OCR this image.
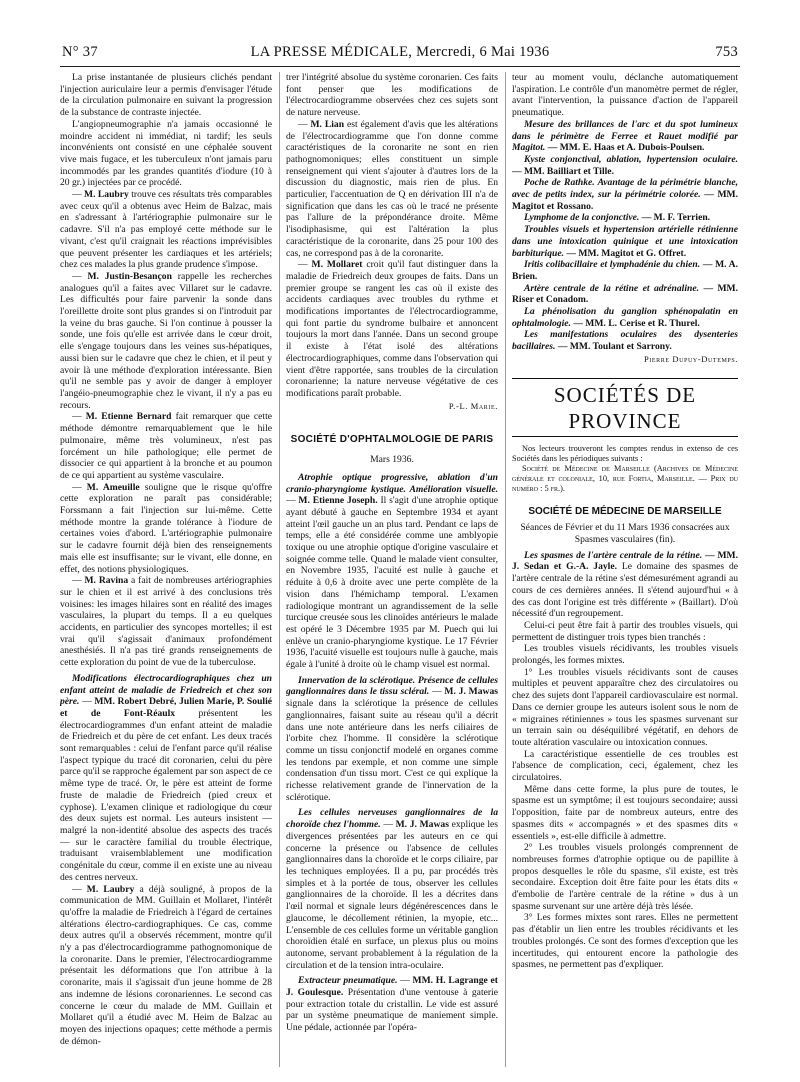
N° 37	LA PRESSE MÉDICALE, Mercredi, 6 Mai 1936	753

La prise instantanée de plusieurs clichés pendant l'injection auriculaire leur a permis d'envisager l'étude de la circulation pulmonaire en suivant la progression de la substance de contraste injectée.

L'angiopneumographie n'a jamais occasionné le moindre accident ni immédiat, ni tardif; les seuls inconvénients ont consisté en une céphalée souvent vive mais fugace, et les tubercuIeux n'ont jamais paru incommodés par les grandes quantités d'iodure (10 à 20 gr.) injectées par ce procédé.

— M. Laubry trouve ces résultats très comparables avec ceux qu'il a obtenus avec Heim de Balzac, mais en s'adressant à l'artériographie pulmonaire sur le cadavre. S'il n'a pas employé cette méthode sur le vivant, c'est qu'il craignait les réactions imprévisibles que peuvent présenter les cardiaques et les artériels; chez ces malades la plus grande prudence s'impose.

— M. Justin-Besançon rappelle les recherches analogues qu'il a faites avec Villaret sur le cadavre. Les difficultés pour faire parvenir la sonde dans l'oreillette droite sont plus grandes si on l'introduit par la veine du bras gauche. Si l'on continue à pousser la sonde, une fois qu'elle est arrivée dans le cœur droit, elle s'engage toujours dans les veines sus-hépatiques, aussi bien sur le cadavre que chez le chien, et il peut y avoir là une méthode d'exploration intéressante. Bien qu'il ne semble pas y avoir de danger à employer l'angéio-pneumographie chez le vivant, il n'y a pas eu recours.

— M. Etienne Bernard fait remarquer que cette méthode démontre remarquablement que le hile pulmonaire, même très volumineux, n'est pas forcément un hile pathologique; elle permet de dissocier ce qui appartient à la bronche et au poumon de ce qui appartient au système vasculaire.

— M. Ameuille souligne que le risque qu'offre cette exploration ne paraît pas considérable; Forssmann a fait l'injection sur lui-même. Cette méthode montre la grande tolérance à l'iodure de certaines voies d'abord. L'artériographie pulmonaire sur le cadavre fournit déjà bien des renseignements mais elle est insuffisante; sur le vivant, elle donne, en effet, des notions physiologiques.

— M. Ravina a fait de nombreuses artériographies sur le chien et il est arrivé à des conclusions très voisines: les images hilaires sont en réalité des images vasculaires, la plupart du temps. Il a eu quelques accidents, en particulier des syncopes mortelles; il est vrai qu'il s'agissait d'animaux profondément anesthésiés. Il n'a pas tiré grands renseignements de cette exploration du point de vue de la tuberculose.

Modifications électrocardiographiques chez un enfant atteint de maladie de Friedreich et chez son père. — MM. Robert Debré, Julien Marie, P. Soulié et de Font-Réaulx présentent les électrocardiogrammes d'un enfant atteint de maladie de Friedreich et du père de cet enfant. Les deux tracés sont remarquables : celui de l'enfant parce qu'il réalise l'aspect typique du tracé dit coronarien, celui du père parce qu'il se rapproche également par son aspect de ce même type de tracé. Or, le père est atteint de forme fruste de maladie de Friedreich (pied creux et cyphose). L'examen clinique et radiologique du cœur des deux sujets est normal. Les auteurs insistent — malgré la non-identité absolue des aspects des tracés — sur le caractère familial du trouble électrique, traduisant vraisemblablement une modification congénitale du cœur, comme il en existe une au niveau des centres nerveux.

— M. Laubry a déjà souligné, à propos de la communication de MM. Guillain et Mollaret, l'intérêt qu'offre la maladie de Friedreich à l'égard de certaines altérations électro-cardiographiques. Ce cas, comme deux autres qu'il a observés récemment, montre qu'il n'y a pas d'électrocardiogramme pathognomonique de la coronarite. Dans le premier, l'électrocardiogramme présentait les déformations que l'on attribue à la coronarite, mais il s'agissait d'un jeune homme de 28 ans indemne de lésions coronariennes. Le second cas concerne le cœur du malade de MM. Guillain et Mollaret qu'il a étudié avec M. Heim de Balzac au moyen des injections opaques; cette méthode a permis de démon-

trer l'intégrité absolue du système coronarien. Ces faits font penser que les modifications de l'électrocardiogramme observées chez ces sujets sont de nature nerveuse.

— M. Lian est également d'avis que les altérations de l'électrocardiogramme que l'on donne comme caractéristiques de la coronarite ne sont en rien pathognomoniques; elles constituent un simple renseignement qui vient s'ajouter à d'autres lors de la discussion du diagnostic, mais rien de plus. En particulier, l'accentuation de Q en dérivation III n'a de signification que dans les cas où le tracé ne présente pas l'allure de la prépondérance droite. Même l'isodiphasisme, qui est l'altération la plus caractéristique de la coronarite, dans 25 pour 100 des cas, ne correspond pas à de la coronarite.

— M. Mollaret croit qu'il faut distinguer dans la maladie de Friedreich deux groupes de faits. Dans un premier groupe se rangent les cas où il existe des accidents cardiaques avec troubles du rythme et modifications importantes de l'électrocardiogramme, qui font partie du syndrome bulbaire et annoncent toujours la mort dans l'année. Dans un second groupe il existe à l'état isolé des altérations électrocardiographiques, comme dans l'observation qui vient d'être rapportée, sans troubles de la circulation coronarienne; la nature nerveuse végétative de ces modifications paraît probable.

P.-L. Marie.
SOCIÉTÉ D'OPHTALMOLOGIE DE PARIS
Mars 1936.

Atrophie optique progressive, ablation d'un cranio-pharyngiome kystique. Amélioration visuelle. — M. Etienne Joseph. Il s'agit d'une atrophie optique ayant débuté à gauche en Septembre 1934 et ayant atteint l'œil gauche un an plus tard. Pendant ce laps de temps, elle a été considérée comme une amblyopie toxique ou une atrophie optique d'origine vasculaire et soignée comme telle. Quand le malade vient consulter, en Novembre 1935, l'acuité est nulle à gauche et réduite à 0,6 à droite avec une perte complète de la vision dans l'hémichamp temporal. L'examen radiologique montrant un agrandissement de la selle turcique creusée sous les clinoïdes antérieurs le malade est opéré le 3 Décembre 1935 par M. Puech qui lui enlève un cranio-pharyngiome kystique. Le 17 Février 1936, l'acuité visuelle est toujours nulle à gauche, mais égale à l'unité à droite où le champ visuel est normal.

Innervation de la sclérotique. Présence de cellules ganglionnaires dans le tissu scléral. — M. J. Mawas signale dans la sclérotique la présence de cellules ganglionnaires, faisant suite au réseau qu'il a décrit dans une note antérieure dans les nerfs ciliaires de l'orbite chez l'homme. Il considère la sclérotique comme un tissu conjonctif modelé en organes comme les tendons par exemple, et non comme une simple condensation d'un tissu mort. C'est ce qui explique la richesse relativement grande de l'innervation de la sclérotique.

Les cellules nerveuses ganglionnaires de la choroïde chez l'homme. — M. J. Mawas explique les divergences présentées par les auteurs en ce qui concerne la présence ou l'absence de cellules ganglionnaires dans la choroïde et le corps ciliaire, par les techniques employées. Il a pu, par procédés très simples et à la portée de tous, observer les cellules ganglionnaires de la choroïde. Il les a décrites dans l'œil normal et signale leurs dégénérescences dans le glaucome, le décollement rétinien, la myopie, etc... L'ensemble de ces cellules forme un véritable ganglion choroïdien étalé en surface, un plexus plus ou moins autonome, servant probablement à la régulation de la circulation et de la tension intra-oculaire.

Extracteur pneumatique. — MM. H. Lagrange et J. Goulesque. Présentation d'une ventouse à gaterie pour extraction totale du cristallin. Le vide est assuré par un système pneumatique de maniement simple. Une pédale, actionnée par l'opéra-

teur au moment voulu, déclanche automatiquement l'aspiration. Le contrôle d'un manomètre permet de régler, avant l'intervention, la puissance d'action de l'appareil pneumatique.

Mesure des brillances de l'arc et du spot lumineux dans le périmètre de Ferree et Rauet modifié par Magitot. — MM. E. Haas et A. Dubois-Poulsen.

Kyste conjonctival, ablation, hypertension oculaire. — MM. Bailliart et Tille.

Poche de Rathke. Avantage de la périmétrie blanche, avec de petits index, sur la périmétrie colorée. — MM. Magitot et Rossano.

Lymphome de la conjonctive. — M. F. Terrien.

Troubles visuels et hypertension artérielle rétinienne dans une intoxication quinique et une intoxication barbiturique. — MM. Magitot et G. Offret.

Iritis colibacillaire et lymphadénie du chien. — M. A. Brien.

Artère centrale de la rétine et adrénaline. — MM. Riser et Conadom.

La phénolisation du ganglion sphénopalatin en ophtalmologie. — MM. L. Cerise et R. Thurel.

Les manifestations oculaires des dysenteries bacillaires. — MM. Toulant et Sarrony.

Pierre Dupuy-Dutemps.
SOCIÉTÉS DE PROVINCE

Nos lecteurs trouveront les comptes rendus in extenso de ces Sociétés dans les périodiques suivants :

Société de Médecine de Marseille (Archives de Médecine générale et coloniale, 10, rue Fortia, Marseille. — Prix du numéro : 5 fr.).

SOCIÉTÉ DE MÉDECINE DE MARSEILLE

Séances de Février et du 11 Mars 1936 consacrées aux Spasmes vasculaires (fin).

Les spasmes de l'artère centrale de la rétine. — MM. J. Sedan et G.-A. Jayle. Le domaine des spasmes de l'artère centrale de la rétine s'est démesurément agrandi au cours de ces dernières années. Il s'étend aujourd'hui « à des cas dont l'origine est très différente » (Baillart). D'où nécessité d'un regroupement.

Celui-ci peut être fait à partir des troubles visuels, qui permettent de distinguer trois types bien tranchés :

Les troubles visuels récidivants, les troubles visuels prolongés, les formes mixtes.

1° Les troubles visuels récidivants sont de causes multiples et peuvent apparaître chez des circulatoires ou chez des sujets dont l'appareil cardiovasculaire est normal. Dans ce dernier groupe les auteurs isolent sous le nom de « migraines rétiniennes » tous les spasmes survenant sur un terrain sain ou déséquilibré végétatif, en dehors de toute altération vasculaire ou intoxication connues.

La caractéristique essentielle de ces troubles est l'absence de complication, ceci, également, chez les circulatoires.

Même dans cette forme, la plus pure de toutes, le spasme est un symptôme; il est toujours secondaire; aussi l'opposition, faite par de nombreux auteurs, entre des spasmes dits « accompagnés » et des spasmes dits « essentiels », est-elle difficile à admettre.

2° Les troubles visuels prolongés comprennent de nombreuses formes d'atrophie optique ou de papillite à propos desquelles le rôle du spasme, s'il existe, est très secondaire. Exception doit être faite pour les états dits « d'embolie de l'artère centrale de la rétine » dus à un spasme survenant sur une artère déjà très lésée.

3° Les formes mixtes sont rares. Elles ne permettent pas d'établir un lien entre les troubles récidivants et les troubles prolongés. Ce sont des formes d'exception que les incertitudes, qui entourent encore la pathologie des spasmes, ne permettent pas d'expliquer.
